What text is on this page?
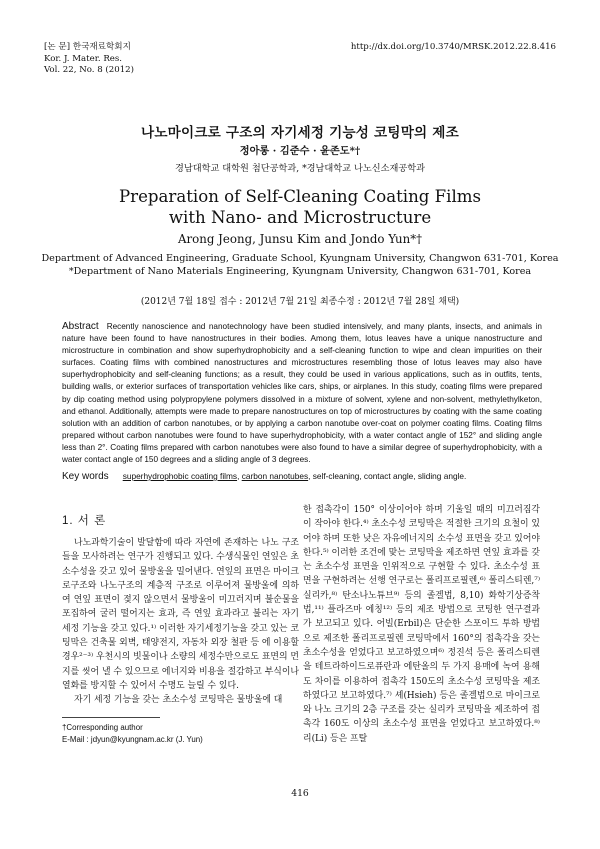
[논 문] 한국재료학회지
Kor. J. Mater. Res.
Vol. 22, No. 8 (2012)
http://dx.doi.org/10.3740/MRSK.2012.22.8.416
나노마이크로 구조의 자기세정 기능성 코팅막의 제조
정아롱 · 김준수 · 윤존도*†
경남대학교 대학원 첨단공학과, *경남대학교 나노신소재공학과
Preparation of Self-Cleaning Coating Films
with Nano- and Microstructure
Arong Jeong, Junsu Kim and Jondo Yun*†
Department of Advanced Engineering, Graduate School, Kyungnam University, Changwon 631-701, Korea
*Department of Nano Materials Engineering, Kyungnam University, Changwon 631-701, Korea
(2012년 7월 18일 접수 : 2012년 7월 21일 최종수정 : 2012년 7월 28일 채택)
Abstract Recently nanoscience and nanotechnology have been studied intensively, and many plants, insects, and animals in nature have been found to have nanostructures in their bodies. Among them, lotus leaves have a unique nanostructure and microstructure in combination and show superhydrophobicity and a self-cleaning function to wipe and clean impurities on their surfaces. Coating films with combined nanostructures and microstructures resembling those of lotus leaves may also have superhydrophobicity and self-cleaning functions; as a result, they could be used in various applications, such as in outfits, tents, building walls, or exterior surfaces of transportation vehicles like cars, ships, or airplanes. In this study, coating films were prepared by dip coating method using polypropylene polymers dissolved in a mixture of solvent, xylene and non-solvent, methylethylketon, and ethanol. Additionally, attempts were made to prepare nanostructures on top of microstructures by coating with the same coating solution with an addition of carbon nanotubes, or by applying a carbon nanotube over-coat on polymer coating films. Coating films prepared without carbon nanotubes were found to have superhydrophobicity, with a water contact angle of 152° and sliding angle less than 2°. Coating films prepared with carbon nanotubes were also found to have a similar degree of superhydrophobicity, with a water contact angle of 150 degrees and a sliding angle of 3 degrees.
Key words superhydrophobic coating films, carbon nanotubes, self-cleaning, contact angle, sliding angle.
1. 서 론

나노과학기술이 발달함에 따라 자연에 존재하는 나노 구조들을 모사하려는 연구가 진행되고 있다. 수생식물인 연잎은 초소수성을 갖고 있어 물방울을 밀어낸다. 연잎의 표면은 마이크로구조와 나노구조의 계층적 구조로 이루어져 물방울에 의하여 연잎 표면이 젖지 않으면서 물방울이 미끄러지며 불순물을 포집하여 굴러 떨어지는 효과, 즉 연잎 효과라고 불리는 자기 세정 기능을 갖고 있다.¹⁾ 이러한 자기세정기능을 갖고 있는 코팅막은 건축물 외벽, 태양전지, 자동차 외장 철판 등 에 이용할 경우²⁻³⁾ 우천시의 빗물이나 소량의 세정수만으로도 표면의 먼지를 씻어 낼 수 있으므로 에너지와 비용을 절감하고 부식이나 열화를 방지할 수 있어서 수명도 늘릴 수 있다.

자기 세정 기능을 갖는 초소수성 코팅막은 물방울에 대

한 접촉각이 150° 이상이어야 하며 기울일 때의 미끄러짐각이 작아야 한다.⁴⁾ 초소수성 코팅막은 적절한 크기의 요철이 있어야 하며 또한 낮은 자유에너지의 소수성 표면을 갖고 있어야 한다.⁵⁾ 이러한 조건에 맞는 코팅막을 제조하면 연잎 효과를 갖는 초소수성 표면을 인위적으로 구현할 수 있다. 초소수성 표면을 구현하려는 선행 연구로는 폴리프로필렌,⁶⁾ 폴리스티렌,⁷⁾ 실리카,⁸⁾ 탄소나노튜브⁹⁾ 등의 졸겔법, 8,10) 화학기상증착법,¹¹⁾ 플라즈마 에칭¹²⁾ 등의 제조 방법으로 코팅한 연구결과가 보고되고 있다. 어빌(Erbil)은 단순한 스포이드 투하 방법으로 제조한 폴리프로필렌 코팅막에서 160°의 접촉각을 갖는 초소수성을 얻었다고 보고하였으며⁶⁾ 정진석 등은 폴리스티렌을 테트라하이드로퓨란과 에탄올의 두 가지 용매에 녹여 용해도 차이를 이용하여 접촉각 150도의 초소수성 코팅막을 제조하였다고 보고하였다.⁷⁾ 셰(Hsieh) 등은 졸겔법으로 마이크로와 나노 크기의 2층 구조를 갖는 실리카 코팅막을 제조하여 접촉각 160도 이상의 초소수성 표면을 얻었다고 보고하였다.⁸⁾ 리(Li) 등은 프탈

†Corresponding author
E-Mail : jdyun@kyungnam.ac.kr (J. Yun)
416
